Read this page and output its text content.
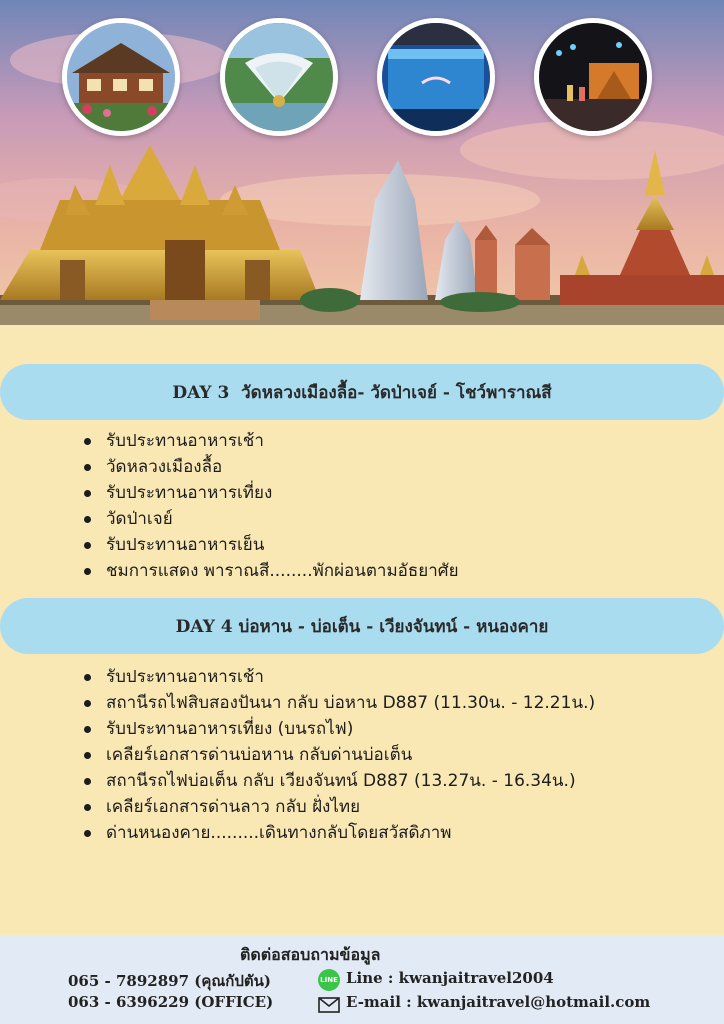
DAY 3  วัดหลวงเมืองลื้อ- วัดป่าเจย์ - โชว์พาราณสี
รับประทานอาหารเช้า
วัดหลวงเมืองลื้อ
รับประทานอาหารเที่ยง
วัดป่าเจย์
รับประทานอาหารเย็น
ชมการแสดง พาราณสี........พักผ่อนตามอัธยาศัย
DAY 4 บ่อหาน - บ่อเต็น - เวียงจันทน์ - หนองคาย
รับประทานอาหารเช้า
สถานีรถไฟสิบสองปันนา กลับ บ่อหาน D887 (11.30น. - 12.21น.)
รับประทานอาหารเที่ยง (บนรถไฟ)
เคลียร์เอกสารด่านบ่อหาน กลับด่านบ่อเต็น
สถานีรถไฟบ่อเต็น กลับ เวียงจันทน์ D887 (13.27น. - 16.34น.)
เคลียร์เอกสารด่านลาว กลับ ฝั่งไทย
ด่านหนองคาย.........เดินทางกลับโดยสวัสดิภาพ
ติดต่อสอบถามข้อมูล
065 - 7892897 (คุณกัปตัน)
063 - 6396229 (OFFICE)
LINE Line : kwanjaitravel2004
E-mail : kwanjaitravel@hotmail.com
